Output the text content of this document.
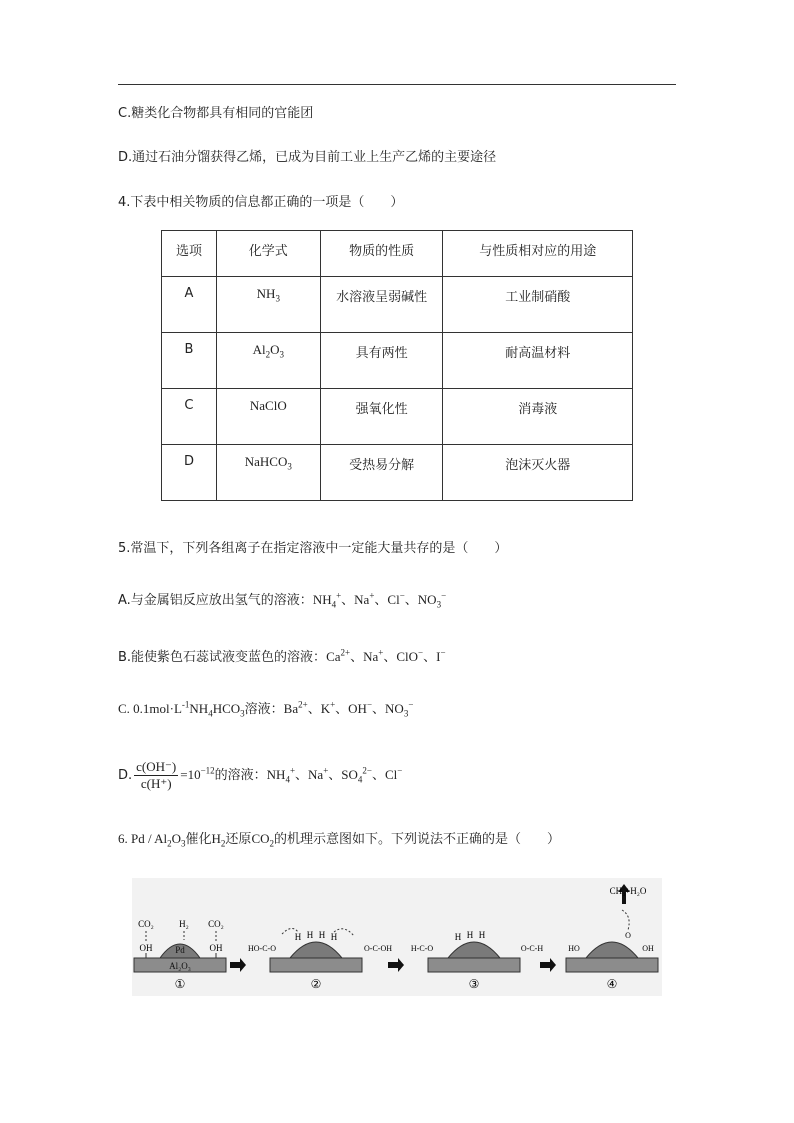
C.糖类化合物都具有相同的官能团
D.通过石油分馏获得乙烯，已成为目前工业上生产乙烯的主要途径
4.下表中相关物质的信息都正确的一项是（　　）
选项	化学式	物质的性质	与性质相对应的用途
A	$NH_3$	水溶液呈弱碱性	工业制硝酸
B	$Al_2O_3$	具有两性	耐高温材料
C	NaClO	强氧化性	消毒液
D	NaHCO$_3$	受热易分解	泡沫灭火器
5.常温下，下列各组离子在指定溶液中一定能大量共存的是（　　）
A.与金属铝反应放出氢气的溶液：$NH_4^+$、Na+、Cl−、$NO_3^-$
B.能使紫色石蕊试液变蓝色的溶液：$Ca^{2+}$、Na+、ClO−、I−
C. $0.1mol\cdot L^{-1}NH_4HCO_3$溶液：$Ba^{2+}$、K+、OH−、$NO_3^-$
D. $\frac{c(OH^-)}{c(H^+)} =10^{-12}$的溶液：$NH_4^+$、Na+、$SO_4^{2-}$、Cl−
6. Pd / $Al_2O_3$催化$H_2$还原$CO_2$的机理示意图如下。下列说法不正确的是（　　）
Al₂O₃
Pd
CO₂
OH
H₂ CO₂
OH
①
H H H H
HO-C-O	O-C-OH
②
H H H
H-C-O	O-C-H
③
HO	OH
O
CH₄+H₂O
④
